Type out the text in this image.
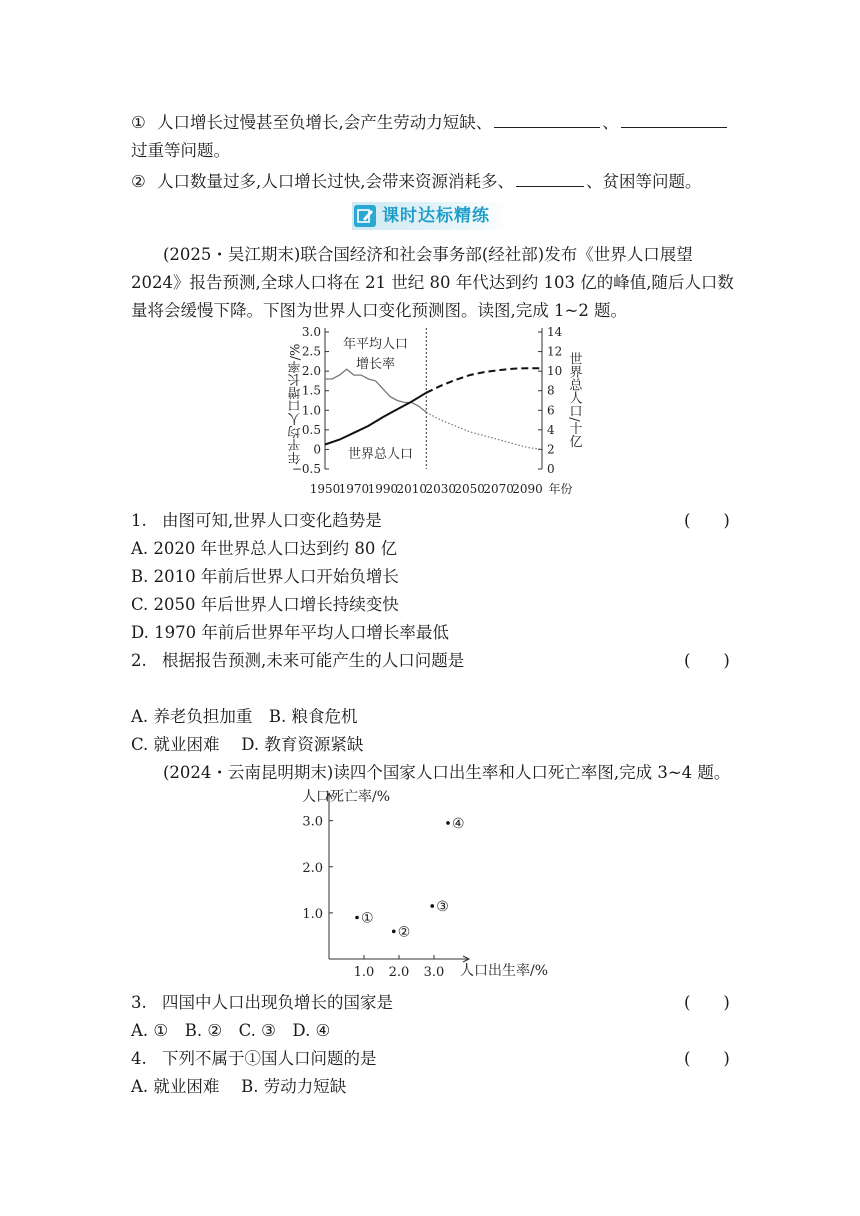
① 人口增长过慢甚至负增长,会产生劳动力短缺、	、
过重等问题。
② 人口数量过多,人口增长过快,会带来资源消耗多、	、贫困等问题。
课时达标精练
(2025・吴江期末)联合国经济和社会事务部(经社部)发布《世界人口展望
2024》报告预测,全球人口将在 21 世纪 80 年代达到约 103 亿的峰值,随后人口数
量将会缓慢下降。下图为世界人口变化预测图。读图,完成 1~2 题。
3.0
2.5
2.0
1.5
1.0
0.5
0
−0.5
14
12
10
8
6
4
2
0
1950
1970
1990
2010
2030
2050
2070
2090 年份
年平均人口增长率/%	世界总人口/十亿
年平均人口
增长率
世界总人口
1. 由图可知,世界人口变化趋势是	(　　)
A. 2020 年世界总人口达到约 80 亿
B. 2010 年前后世界人口开始负增长
C. 2050 年后世界人口增长持续变快
D. 1970 年前后世界年平均人口增长率最低
2. 根据报告预测,未来可能产生的人口问题是	(　　)
A. 养老负担加重　B. 粮食危机
C. 就业困难　 D. 教育资源紧缺
(2024・云南昆明期末)读四个国家人口出生率和人口死亡率图,完成 3~4 题。
人口死亡率/%
人口出生率/%
1.0
2.0
3.0
1.0 2.0 3.0
①
②
③
④
3. 四国中人口出现负增长的国家是	(　　)
A. ①　B. ②　C. ③　D. ④
4. 下列不属于①国人口问题的是	(　　)
A. 就业困难　 B. 劳动力短缺
